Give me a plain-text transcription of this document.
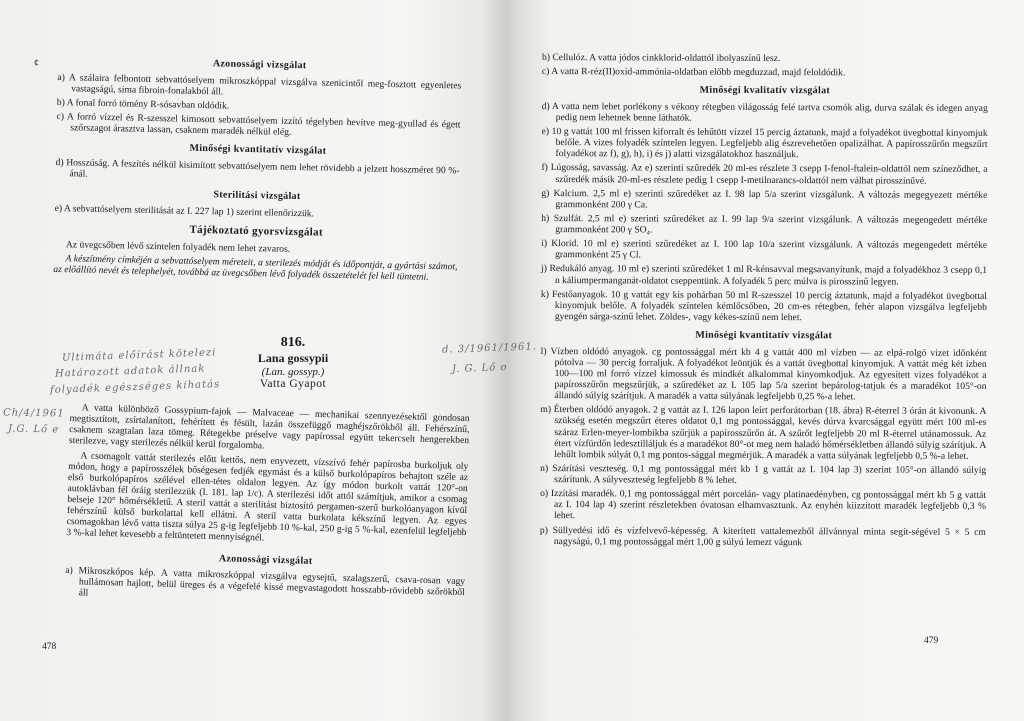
¢	Azonossági vizsgálat
a) A szálaira felbontott sebvattóselyem mikroszkóppal vizsgálva szenicintől meg-fosztott egyenletes vastagságú, sima fibroin-fonalakból áll.
b) A fonal forró tömény R-sósavban oldódik.
c) A forró vízzel és R-szesszel kimosott sebvattóselyem izzító tégelyben hevítve meg-gyullad és égett szőrszagot árasztva lassan, csaknem maradék nélkül elég.
Minőségi kvantitatív vizsgálat
d) Hosszúság. A feszítés nélkül kisimított sebvattóselyem nem lehet rövidebb a jelzett hosszméret 90 %-ánál.
Sterilitási vizsgálat
e) A sebvattóselyem sterilitását az I. 227 lap 1) szerint ellenőrizzük.
Tájékoztató gyorsvizsgálat
Az üvegcsőben lévő színtelen folyadék nem lehet zavaros.
A készítmény címkéjén a sebvattóselyem méreteit, a sterilezés módját és időpontját, a gyártási számot, az előállító nevét és telephelyét, továbbá az üvegcsőben lévő folyadék összetételét fel kell tüntetni.
Ultimáta előírást kötelezi
Határozott adatok állnak
folyadék egészséges kihatás
Ch/4/1961
J.G. Lő e
816.
Lana gossypii
(Lan. gossyp.)
Vatta Gyapot
A vatta különböző Gossypium-fajok — Malvaceae — mechanikai szennyezésektől gondosan megtisztított, zsírtalanított, fehérített és fésült, lazán összefüggő maghéjszőrökből áll. Fehérszínű, csaknem szagtalan laza tömeg. Rétegekbe préselve vagy papírossal együtt tekercselt hengerekben sterilezve, vagy sterilezés nélkül kerül forgalomba.
A csomagolt vattát sterilezés előtt kettős, nem enyvezett, vízszívó fehér papírosba burkoljuk oly módon, hogy a papírosszélek bőségesen fedjék egymást és a külső burkolópapíros behajtott széle az első burkolópapíros szélével ellen-tétes oldalon legyen. Az így módon burkolt vattát 120°-on autoklávban fél óráig sterilezzük (I. 181. lap 1/c). A sterilezési időt attól számítjuk, amikor a csomag belseje 120° hőmérsékletű. A steril vattát a sterilitást biztosító pergamen-szerű burkolóanyagon kívül fehérszínű külső burkolattal kell ellátni. A steril vatta burkolata kékszínű legyen. Az egyes csomagokban lévő vatta tiszta súlya 25 g-ig legfeljebb 10 %-kal, 250 g-ig 5 %-kal, ezenfelül legfeljebb 3 %-kal lehet kevesebb a feltüntetett mennyiségnél.
Azonossági vizsgálat
a) Mikroszkópos kép. A vatta mikroszkóppal vizsgálva egysejtű, szalagszerű, csava-rosan vagy hullámosan hajlott, belül üreges és a végefelé kissé megvastagodott hosszabb-rövidebb szőrökből áll
478
d. 3/1961/1961.
J. G. Lő o
b) Cellulóz. A vatta jódos cinkklorid-oldattól ibolyaszínű lesz.
c) A vatta R-réz(II)oxid-ammónia-oldatban előbb megduzzad, majd feloldódik.
Minőségi kvalitatív vizsgálat
d) A vatta nem lehet porlékony s vékony rétegben világosság felé tartva csomók alig, durva szálak és idegen anyag pedig nem lehetnek benne láthatók.
e) 10 g vattát 100 ml frissen kiforralt és lehűtött vízzel 15 percig áztatunk, majd a folyadékot üvegbottal kinyomjuk belőle. A vizes folyadék színtelen legyen. Legfeljebb alig észrevehetően opalizálhat. A papírosszűrőn megszűrt folyadékot az f), g), h), i) és j) alatti vizsgálatokhoz használjuk.
f) Lúgosság, savasság. Az e) szerinti szűredék 20 ml-es részlete 3 csepp I-fenol-ftalein-oldattól nem színeződhet, a szűredék másik 20-ml-es részlete pedig 1 csepp I-metilnarancs-oldattól nem válhat pirosszínűvé.
g) Kalcium. 2,5 ml e) szerinti szűredéket az I. 98 lap 5/a szerint vizsgálunk. A változás megegyezett mértéke grammonként 200 γ Ca.
h) Szulfát. 2,5 ml e) szerinti szűredéket az I. 99 lap 9/a szerint vizsgálunk. A változás megengedett mértéke grammonként 200 γ SO₄.
i) Klorid. 10 ml e) szerinti szűredéket az I. 100 lap 10/a szerint vizsgálunk. A változás megengedett mértéke grammonként 25 γ Cl.
j) Redukáló anyag. 10 ml e) szerinti szűredéket 1 ml R-kénsavval megsavanyítunk, majd a folyadékhoz 3 csepp 0,1 n káliumpermanganát-oldatot cseppentünk. A folyadék 5 perc múlva is pirosszínű legyen.
k) Festőanyagok. 10 g vattát egy kis pohárban 50 ml R-szesszel 10 percig áztatunk, majd a folyadékot üvegbottal kinyomjuk belőle. A folyadék színtelen kémlőcsőben, 20 cm-es rétegben, fehér alapon vizsgálva legfeljebb gyengén sárga-színű lehet. Zöldes-, vagy kékes-színű nem lehet.
Minőségi kvantitatív vizsgálat
l) Vízben oldódó anyagok. cg pontossággal mért kb 4 g vattát 400 ml vízben — az elpá-rolgó vizet időnként pótolva — 30 percig forraljuk. A folyadékot leöntjük és a vattát üvegbottal kinyomjuk. A vattát még két ízben 100—100 ml forró vízzel kimossuk és mindkét alkalommal kinyomkodjuk. Az egyesített vizes folyadékot a papírosszűrőn megszűrjük, a szűredéket az I. 105 lap 5/a szerint bepárolog-tatjuk és a maradékot 105°-on állandó súlyig szárítjuk. A maradék a vatta súlyának legfeljebb 0,25 %-a lehet.
m) Éterben oldódó anyagok. 2 g vattát az I. 126 lapon leírt perforátorban (18. ábra) R-éterrel 3 órán át kivonunk. A szükség esetén megszűrt éteres oldatot 0,1 mg pontossággal, kevés dúrva kvarcsággal együtt mért 100 ml-es száraz Erlen-meyer-lombikba szűrjük a papírosszűrőn át. A szűrőt legfeljebb 20 ml R-éterrel utánamossuk. Az étert vízfürdőn ledesztilláljuk és a maradékot 80°-ot meg nem haladó hőmérsékletben állandó súlyig szárítjuk. A lehűlt lombik súlyát 0,1 mg pontos-sággal megmérjük. A maradék a vatta súlyának legfeljebb 0,5 %-a lehet.
n) Szárítási veszteség. 0,1 mg pontossággal mért kb 1 g vattát az I. 104 lap 3) szerint 105°-on állandó súlyig szárítunk. A súlyveszteség legfeljebb 8 % lehet.
o) Izzítási maradék. 0,1 mg pontossággal mért porcelán- vagy platinaedényben, cg pontossággal mért kb 5 g vattát az I. 104 lap 4) szerint részletekben óvatosan elhamvasztunk. Az enyhén kiizzított maradék legfeljebb 0,3 % lehet.
p) Süllyedési idő és vízfelvevő-képesség. A kiterített vattalemezből állvánnyal minta segít-ségével 5 × 5 cm nagyságú, 0,1 mg pontossággal mért 1,00 g súlyú lemezt vágunk
479
